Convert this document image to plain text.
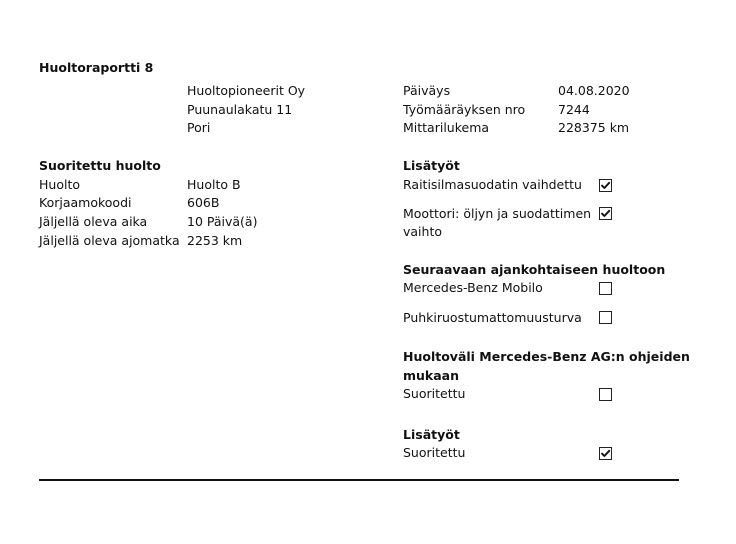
Huoltoraportti 8
Huoltopioneerit Oy
Puunaulakatu 11
Pori
Päiväys	04.08.2020
Työmääräyksen nro	7244
Mittarilukema	228375 km
Suoritettu huolto
Huolto	Huolto B
Korjaamokoodi	606B
Jäljellä oleva aika	10 Päivä(ä)
Jäljellä oleva ajomatka 2253 km
Lisätyöt
Raitisilmasuodatin vaihdettu
Moottori: öljyn ja suodattimen
vaihto
Seuraavaan ajankohtaiseen huoltoon
Mercedes-Benz Mobilo
Puhkiruostumattomuusturva
Huoltoväli Mercedes-Benz AG:n ohjeiden
mukaan
Suoritettu
Lisätyöt
Suoritettu
